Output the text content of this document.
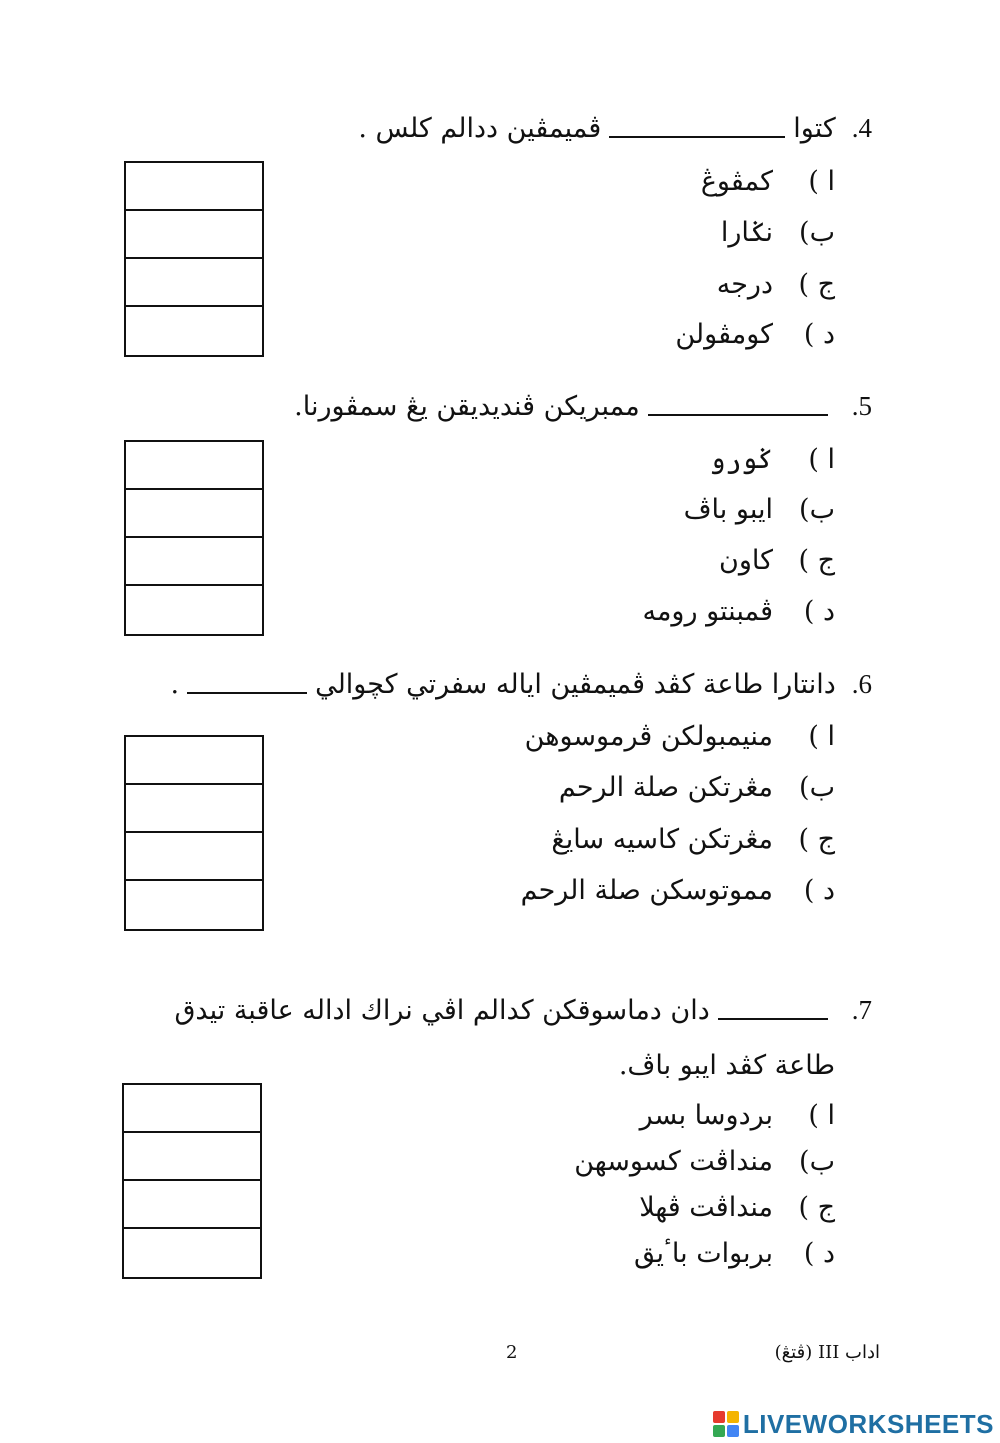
4.كتواڤميمڤين ددالم كلس .
ا )كمڤوڠ
ب)نݢارا
ج )درجه
د )كومڤولن
5.ممبريکن ڤنديديقن يڠ سمڤورنا.
ا )ݢورو
ب)ايبو باڤ
ج )كاون
د )ڤمبنتو رومه
6.دانتارا طاعة كڤد ڤميمڤين اياله سفرتي كچوالي.
ا )منيمبولکن ڤرموسوهن
ب)مڠرتكن صلة الرحم
ج )مڠرتكن كاسيه سايڠ
د )مموتوسکن صلة الرحم
7.دان دماسوقکن كدالم اڤي نراك اداله عاقبة تيدق
طاعة كڤد ايبو باڤ.
ا )بردوسا بسر
ب)منداڤت كسوسهن
ج )منداڤت ڤهلا
د )بربوات باٴيق
اداب III (ڤتڠ)
2
LIVEWORKSHEETS
